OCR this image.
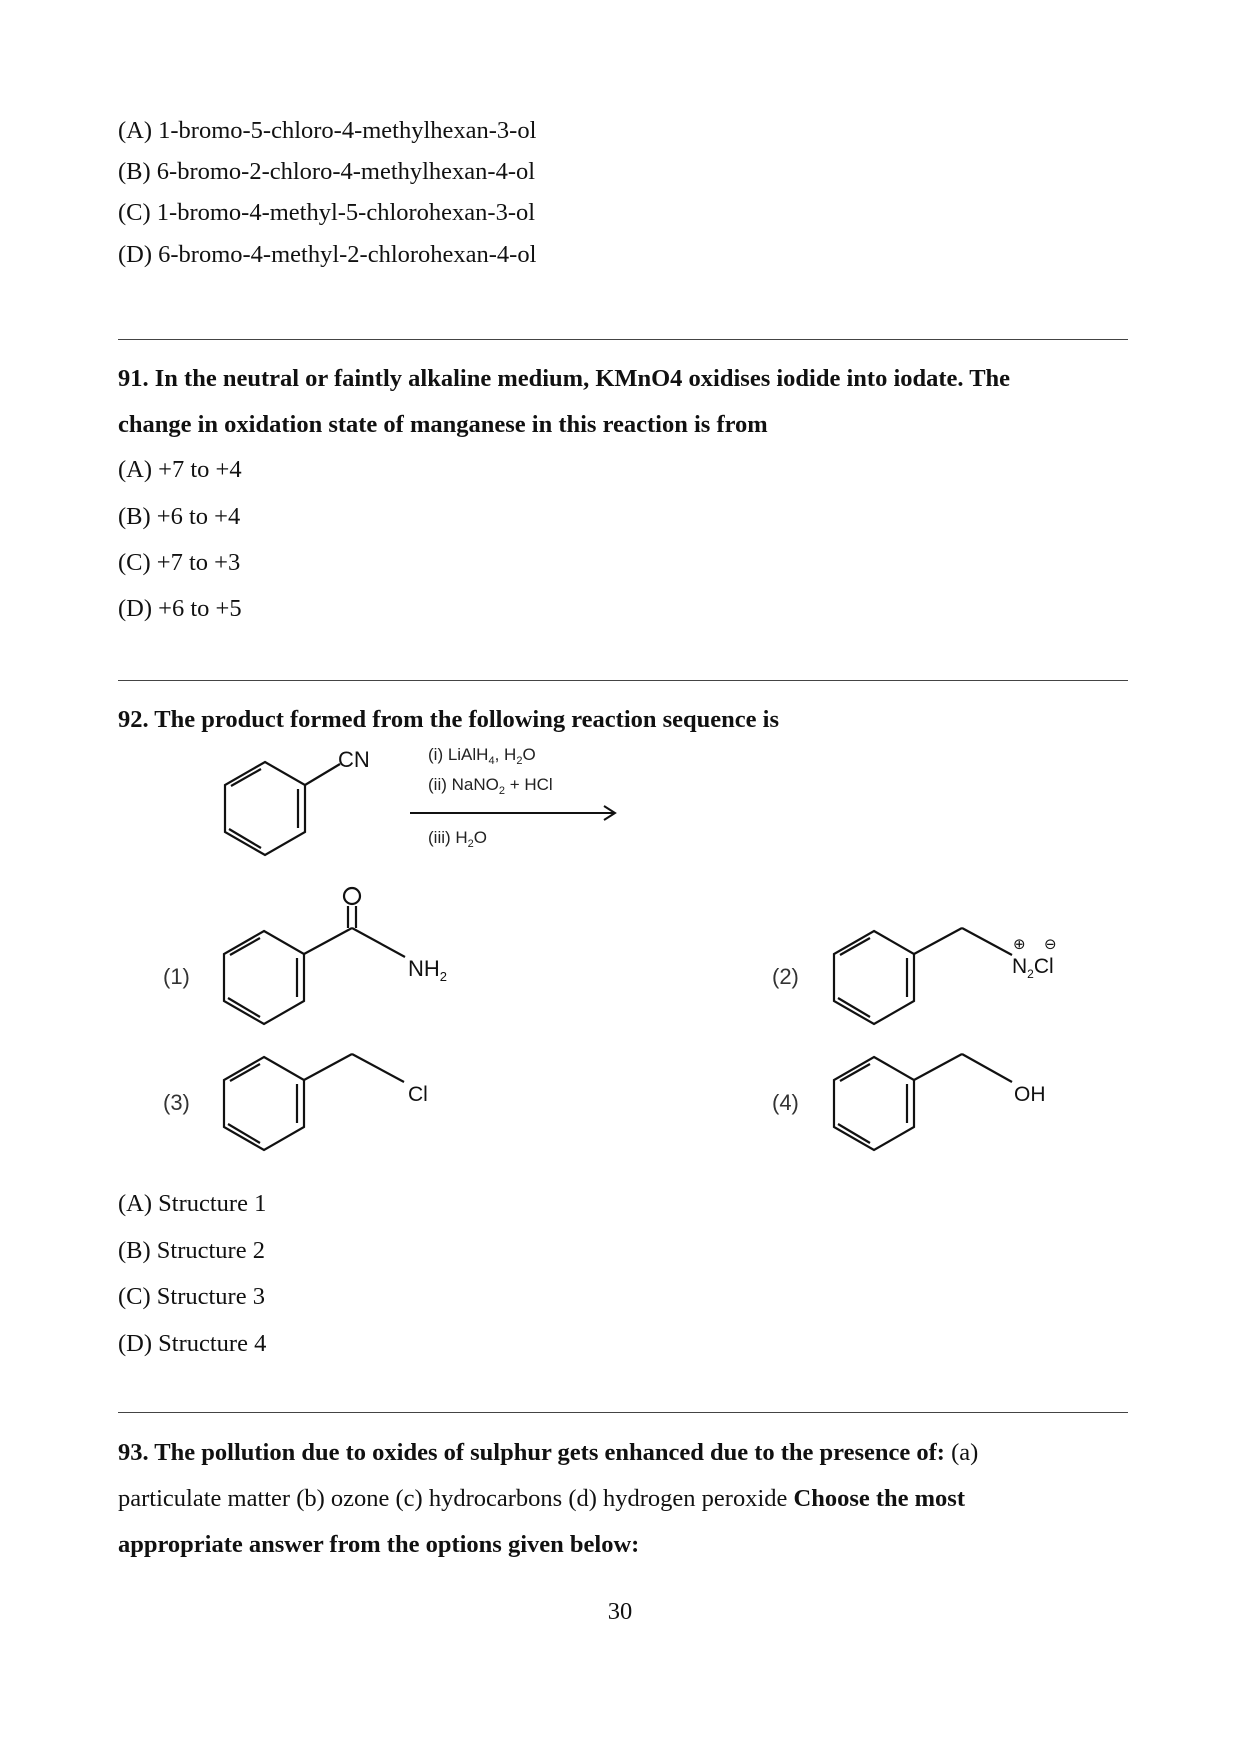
(A) 1-bromo-5-chloro-4-methylhexan-3-ol
(B) 6-bromo-2-chloro-4-methylhexan-4-ol
(C) 1-bromo-4-methyl-5-chlorohexan-3-ol
(D) 6-bromo-4-methyl-2-chlorohexan-4-ol
91. In the neutral or faintly alkaline medium, KMnO4 oxidises iodide into iodate. The
change in oxidation state of manganese in this reaction is from
(A) +7 to +4
(B) +6 to +4
(C) +7 to +3
(D) +6 to +5
92. The product formed from the following reaction sequence is
CN	(i) LiAlH$_4$, $H_2O$
(ii) NaNO$_2$ + HCl
(iii) $H_2O$
(1)	$NH_2$	(2)
⊕ ⊖
$N_2Cl$
(3)	Cl	(4)	OH
(A) Structure 1
(B) Structure 2
(C) Structure 3
(D) Structure 4
93. The pollution due to oxides of sulphur gets enhanced due to the presence of: (a)
particulate matter (b) ozone (c) hydrocarbons (d) hydrogen peroxide Choose the most
appropriate answer from the options given below:
30
